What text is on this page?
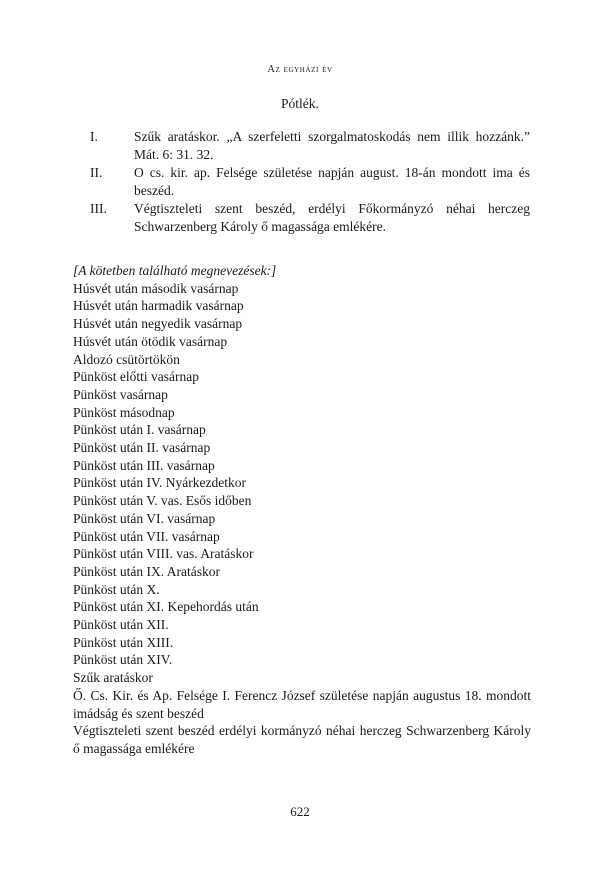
Az egyházi év
Pótlék.
I.	Szűk aratáskor. „A szerfeletti szorgalmatoskodás nem illik hozzánk.” Mát. 6: 31. 32.
II.	O cs. kir. ap. Felsége születése napján august. 18-án mondott ima és beszéd.
III.	Végtiszteleti szent beszéd, erdélyi Főkormányzó néhai herczeg Schwarzenberg Károly ő magassága emlékére.
[A kötetben található megnevezések:]
Húsvét után második vasárnap
Húsvét után harmadik vasárnap
Húsvét után negyedik vasárnap
Húsvét után ötödik vasárnap
Aldozó csütörtökön
Pünköst előtti vasárnap
Pünköst vasárnap
Pünköst másodnap
Pünköst után I. vasárnap
Pünköst után II. vasárnap
Pünköst után III. vasárnap
Pünköst után IV. Nyárkezdetkor
Pünköst után V. vas. Esős időben
Pünköst után VI. vasárnap
Pünköst után VII. vasárnap
Pünköst után VIII. vas. Aratáskor
Pünköst után IX. Aratáskor
Pünköst után X.
Pünköst után XI. Kepehordás után
Pünköst után XII.
Pünköst után XIII.
Pünköst után XIV.
Szűk aratáskor
Ő. Cs. Kir. és Ap. Felsége I. Ferencz József születése napján augustus 18. mondott imádság és szent beszéd
Végtiszteleti szent beszéd erdélyi kormányzó néhai herczeg Schwarzenberg Károly ő magassága emlékére
622
